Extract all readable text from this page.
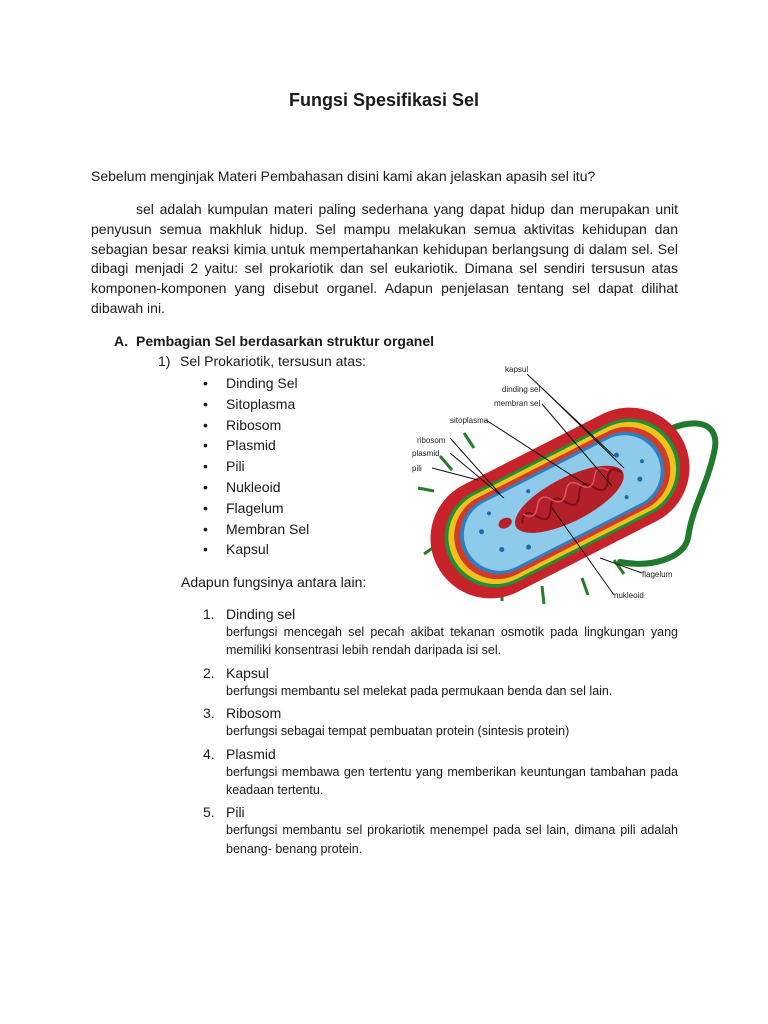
Fungsi Spesifikasi Sel
Sebelum menginjak Materi Pembahasan disini kami akan jelaskan apasih sel itu?
sel adalah kumpulan materi paling sederhana yang dapat hidup dan merupakan unit penyusun semua makhluk hidup. Sel mampu melakukan semua aktivitas kehidupan dan sebagian besar reaksi kimia untuk mempertahankan kehidupan berlangsung di dalam sel. Sel dibagi menjadi 2 yaitu: sel prokariotik dan sel eukariotik. Dimana sel sendiri tersusun atas komponen-komponen yang disebut organel. Adapun penjelasan tentang sel dapat dilihat dibawah ini.
A. Pembagian Sel berdasarkan struktur organel
1) Sel Prokariotik, tersusun atas:
•	Dinding Sel
•	Sitoplasma
•	Ribosom
•	Plasmid
•	Pili
•	Nukleoid
•	Flagelum
•	Membran Sel
•	Kapsul
Adapun fungsinya antara lain:
1. Dinding sel
berfungsi mencegah sel pecah akibat tekanan osmotik pada lingkungan yang memiliki konsentrasi lebih rendah daripada isi sel.
2. Kapsul
berfungsi membantu sel melekat pada permukaan benda dan sel lain.
3. Ribosom
berfungsi sebagai tempat pembuatan protein (sintesis protein)
4. Plasmid
berfungsi membawa gen tertentu yang memberikan keuntungan tambahan pada keadaan tertentu.
5. Pili
berfungsi membantu sel prokariotik menempel pada sel lain, dimana pili adalah benang- benang protein.
kapsul
dinding sel
membran sel
sitoplasma
ribosom
plasmid
pili
flagelum
nukleoid
